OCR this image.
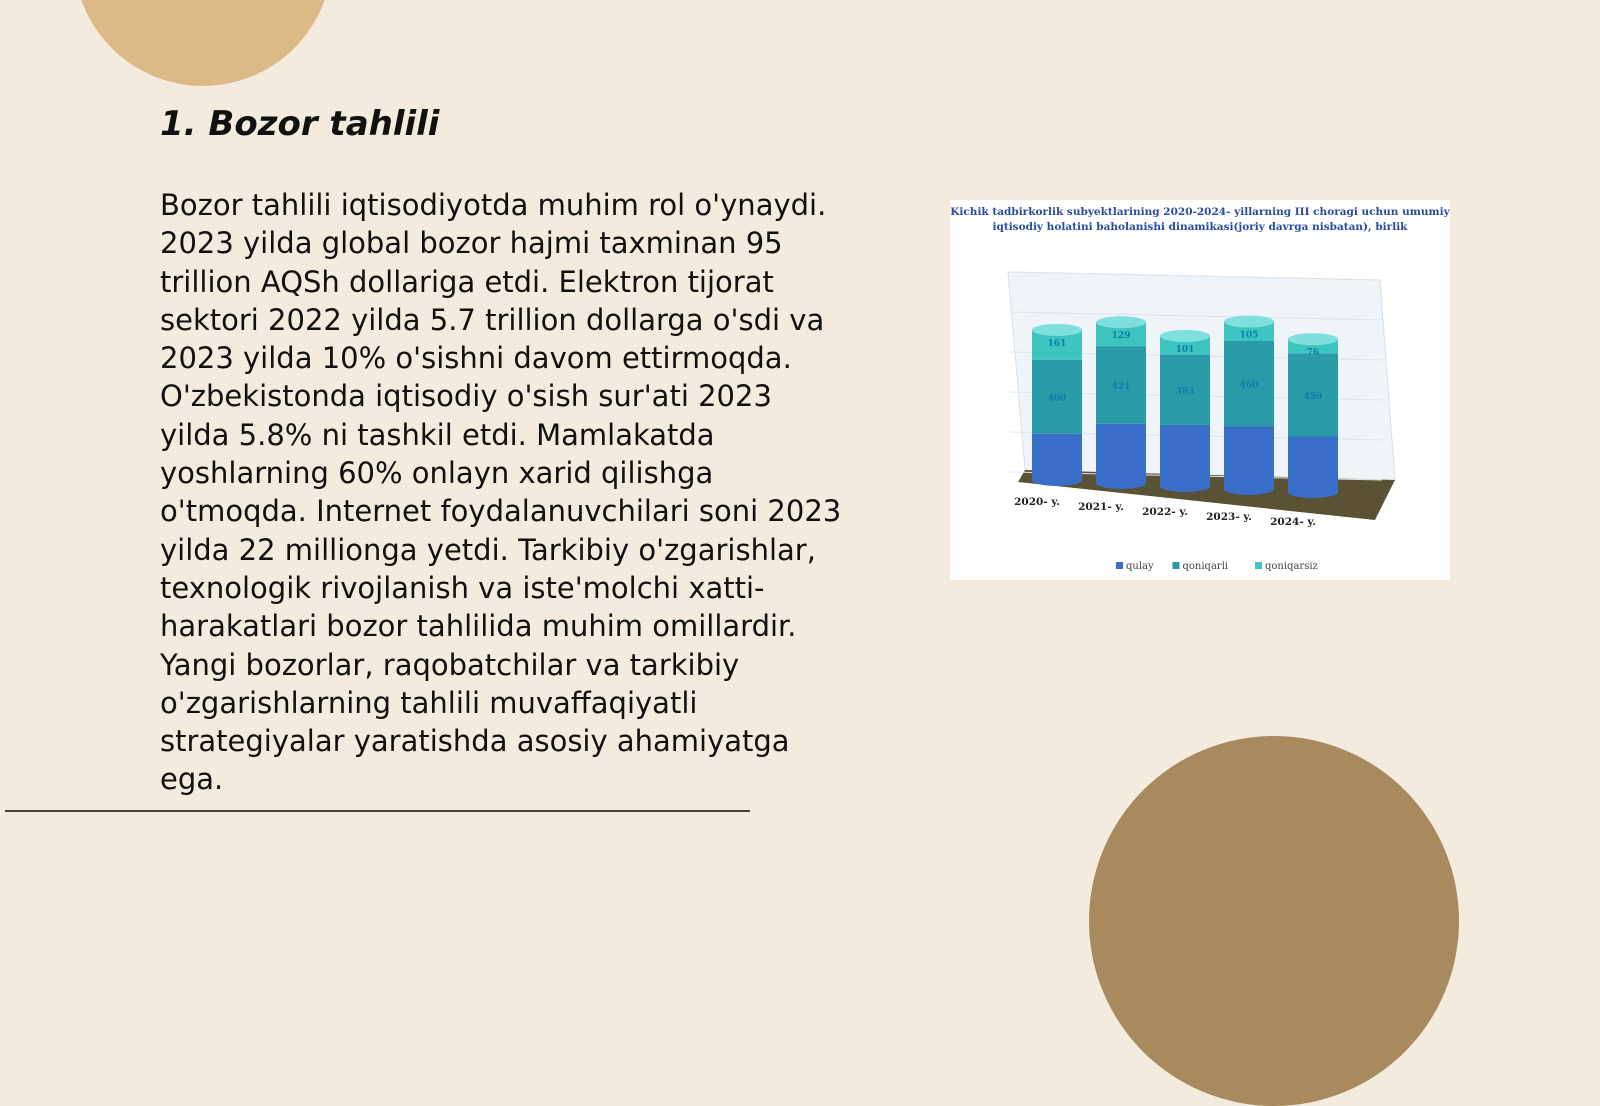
1. Bozor tahlili

Bozor tahlili iqtisodiyotda muhim rol o'ynaydi. 2023 yilda global bozor hajmi taxminan 95 trillion AQSh dollariga etdi. Elektron tijorat sektori 2022 yilda 5.7 trillion dollarga o'sdi va 2023 yilda 10% o'sishni davom ettirmoqda. O'zbekistonda iqtisodiy o'sish sur'ati 2023 yilda 5.8% ni tashkil etdi. Mamlakatda yoshlarning 60% onlayn xarid qilishga o'tmoqda. Internet foydalanuvchilari soni 2023 yilda 22 millionga yetdi. Tarkibiy o'zgarishlar, texnologik rivojlanish va iste'molchi xatti-harakatlari bozor tahlilida muhim omillardir. Yangi bozorlar, raqobatchilar va tarkibiy o'zgarishlarning tahlili muvaffaqiyatli strategiyalar yaratishda asosiy ahamiyatga ega.

Kichik tadbirkorlik subyektlarining 2020-2024- yillarning III choragi uchun umumiy
iqtisodiy holatini baholanishi dinamikasi(joriy davrga nisbatan), birlik
161
400
2020- y.
129
421
2021- y.
101
383
2022- y.
105
460
2023- y.
76
450
2024- y.
qulay	qoniqarli	qoniqarsiz
